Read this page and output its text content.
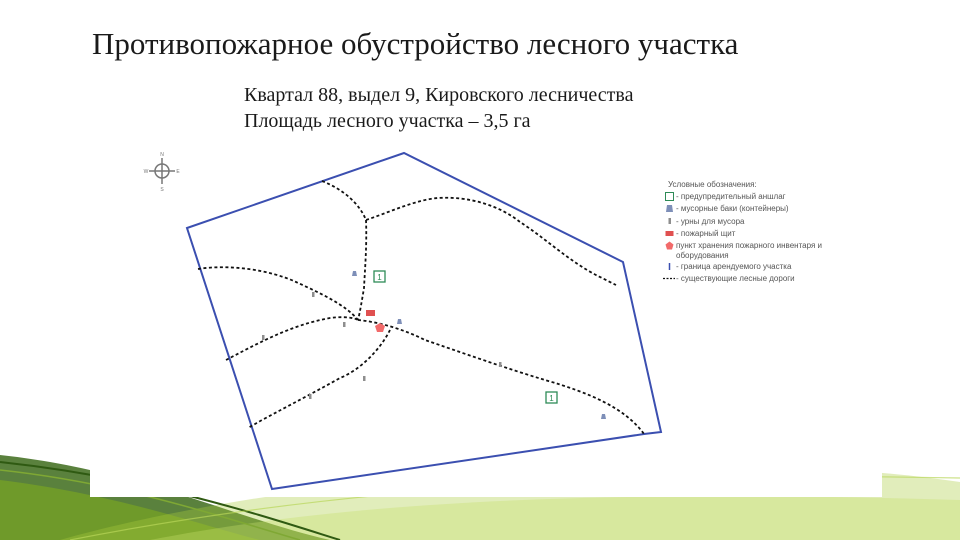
Противопожарное обустройство лесного участка
Квартал 88, выдел 9, Кировского лесничества
Площадь лесного участка – 3,5 га
N
S
W	E
1
1
Условные обозначения:
- предупредительный аншлаг
- мусорные баки (контейнеры)
- урны для мусора
- пожарный щит
пункт хранения пожарного инвентаря и оборудования
- граница арендуемого участка
- существующие лесные дороги
